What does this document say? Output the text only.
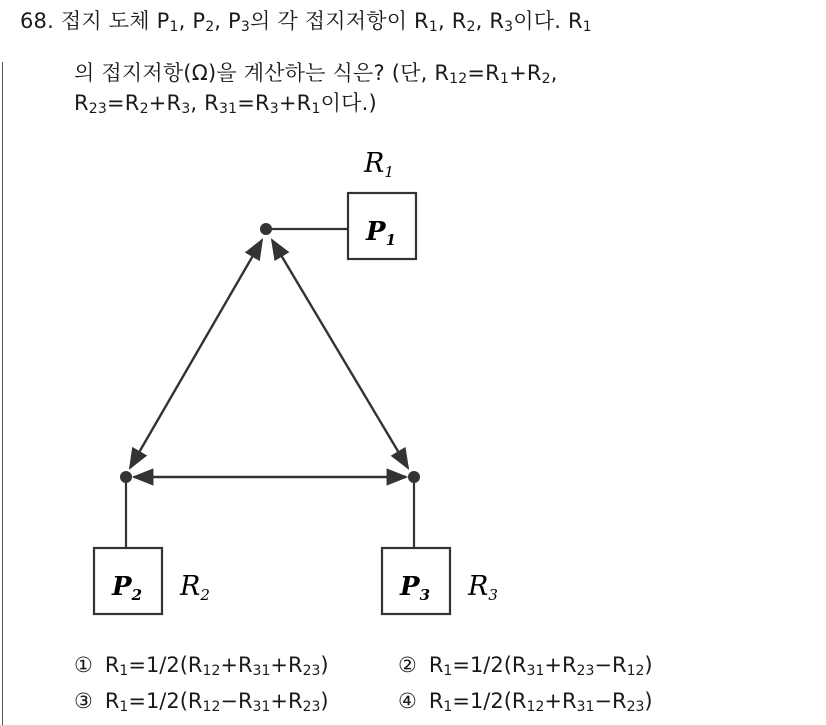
68. 접지 도체 $P_1$, $P_2$, $P_3$의 각 접지저항이 $R_1$, $R_2$, $R_3$이다. $R_1$
의 접지저항(Ω)을 계산하는 식은? (단, $R_{12}=R_1+R_2$,
$R_{23}=R_2+R_3$, $R_{31}=R_3+R_1$이다.)
P1
P2	P3
R1
R2	R3
① $R_1=1/2(R_{12}+R_{31}+R_{23})$	② $R_1=1/2(R_{31}+R_{23}-R_{12})$
③ $R_1=1/2(R_{12}-R_{31}+R_{23})$	④ $R_1=1/2(R_{12}+R_{31}-R_{23})$
